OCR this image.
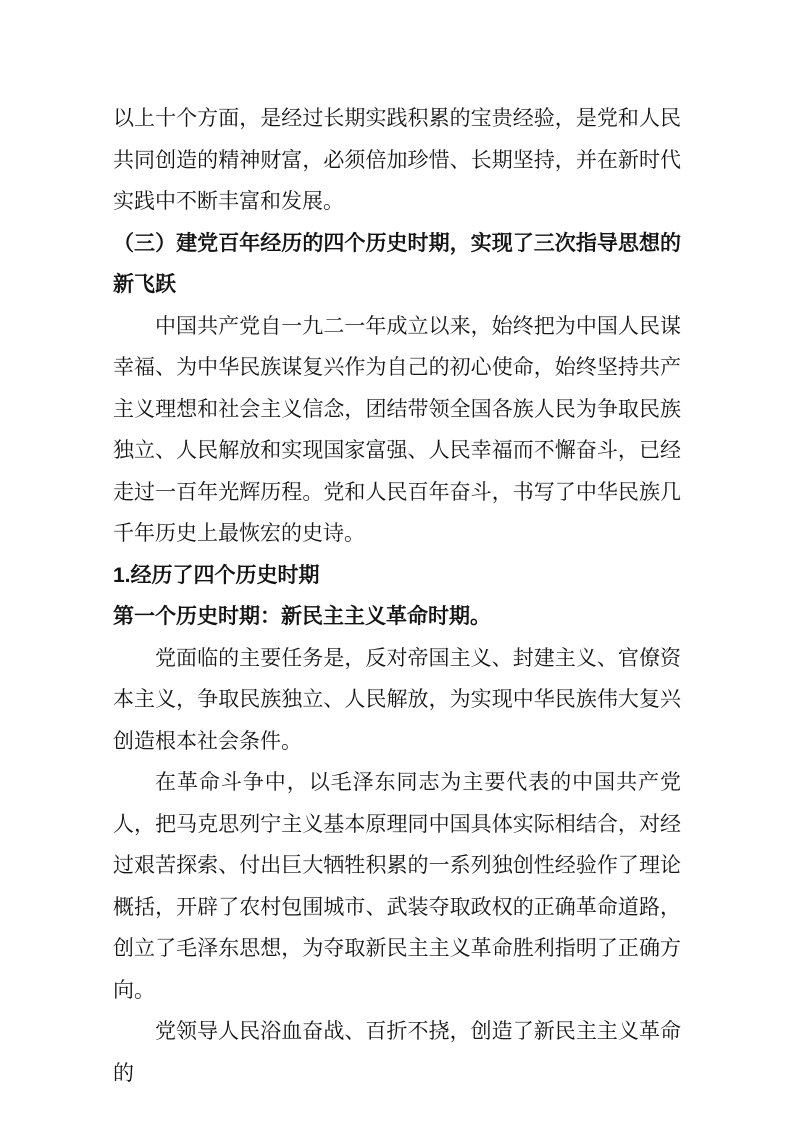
以上十个方面，是经过长期实践积累的宝贵经验，是党和人民共同创造的精神财富，必须倍加珍惜、长期坚持，并在新时代实践中不断丰富和发展。

（三）建党百年经历的四个历史时期，实现了三次指导思想的新飞跃

中国共产党自一九二一年成立以来，始终把为中国人民谋幸福、为中华民族谋复兴作为自己的初心使命，始终坚持共产主义理想和社会主义信念，团结带领全国各族人民为争取民族独立、人民解放和实现国家富强、人民幸福而不懈奋斗，已经走过一百年光辉历程。党和人民百年奋斗，书写了中华民族几千年历史上最恢宏的史诗。

1.经历了四个历史时期
第一个历史时期：新民主主义革命时期。

党面临的主要任务是，反对帝国主义、封建主义、官僚资本主义，争取民族独立、人民解放，为实现中华民族伟大复兴创造根本社会条件。

在革命斗争中，以毛泽东同志为主要代表的中国共产党人，把马克思列宁主义基本原理同中国具体实际相结合，对经过艰苦探索、付出巨大牺牲积累的一系列独创性经验作了理论概括，开辟了农村包围城市、武装夺取政权的正确革命道路，创立了毛泽东思想，为夺取新民主主义革命胜利指明了正确方向。

党领导人民浴血奋战、百折不挠，创造了新民主主义革命的
